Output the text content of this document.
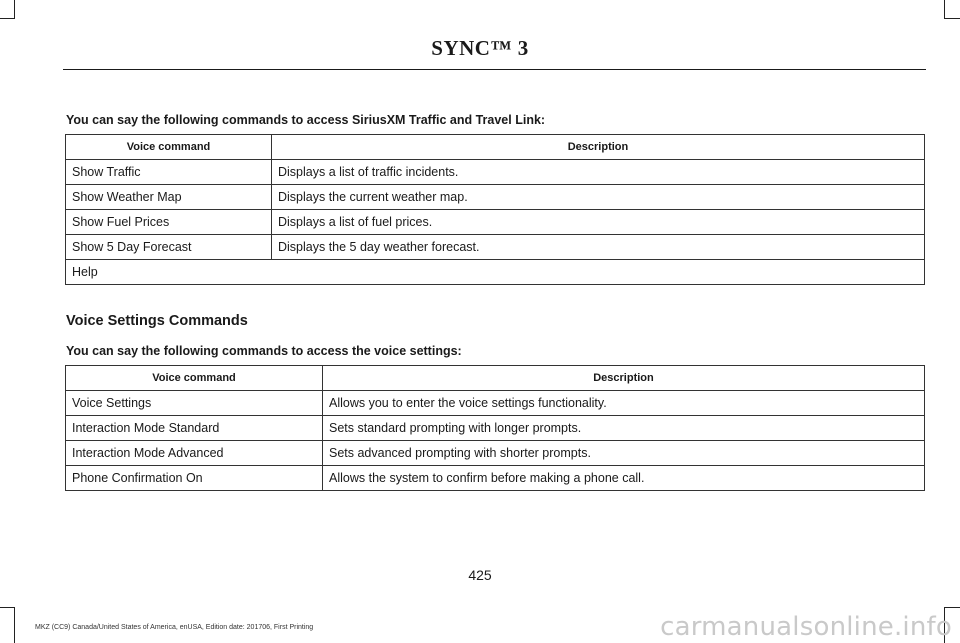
SYNC™ 3
You can say the following commands to access SiriusXM Traffic and Travel Link:
Voice command	Description
Show Traffic	Displays a list of traffic incidents.
Show Weather Map	Displays the current weather map.
Show Fuel Prices	Displays a list of fuel prices.
Show 5 Day Forecast	Displays the 5 day weather forecast.
Help	
Voice Settings Commands
You can say the following commands to access the voice settings:
Voice command	Description
Voice Settings	Allows you to enter the voice settings functionality.
Interaction Mode Standard	Sets standard prompting with longer prompts.
Interaction Mode Advanced	Sets advanced prompting with shorter prompts.
Phone Confirmation On	Allows the system to confirm before making a phone call.
425
MKZ (CC9) Canada/United States of America, enUSA, Edition date: 201706, First Printing	carmanualsonline.info
